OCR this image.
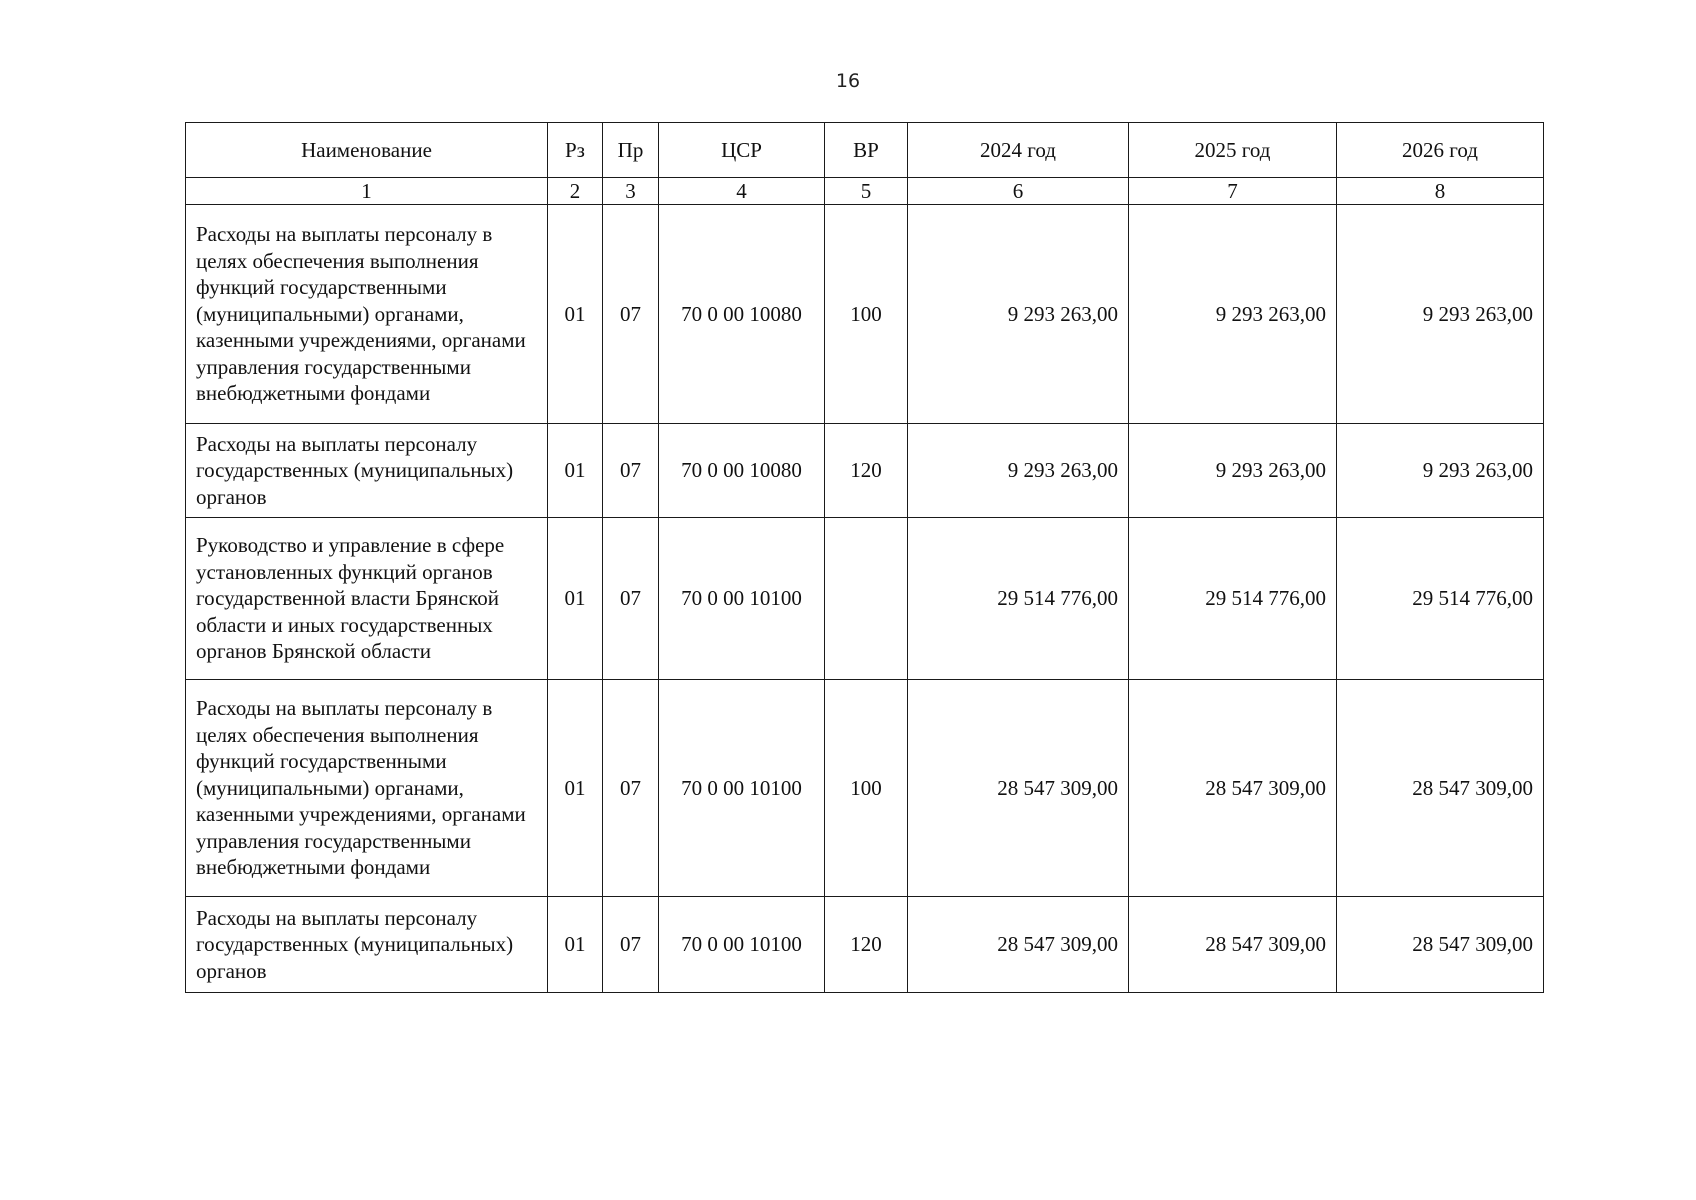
16
Наименование	Рз	Пр	ЦСР	ВР	2024 год	2025 год	2026 год
1	2	3	4	5	6	7	8
Расходы на выплаты персоналу в целях обеспечения выполнения функций государственными (муниципальными) органами, казенными учреждениями, органами управления государственными внебюджетными фондами	01	07	70 0 00 10080	100	9 293 263,00	9 293 263,00	9 293 263,00
Расходы на выплаты персоналу государственных (муниципальных) органов	01	07	70 0 00 10080	120	9 293 263,00	9 293 263,00	9 293 263,00
Руководство и управление в сфере установленных функций органов государственной власти Брянской области и иных государственных органов Брянской области	01	07	70 0 00 10100		29 514 776,00	29 514 776,00	29 514 776,00
Расходы на выплаты персоналу в целях обеспечения выполнения функций государственными (муниципальными) органами, казенными учреждениями, органами управления государственными внебюджетными фондами	01	07	70 0 00 10100	100	28 547 309,00	28 547 309,00	28 547 309,00
Расходы на выплаты персоналу государственных (муниципальных) органов	01	07	70 0 00 10100	120	28 547 309,00	28 547 309,00	28 547 309,00
